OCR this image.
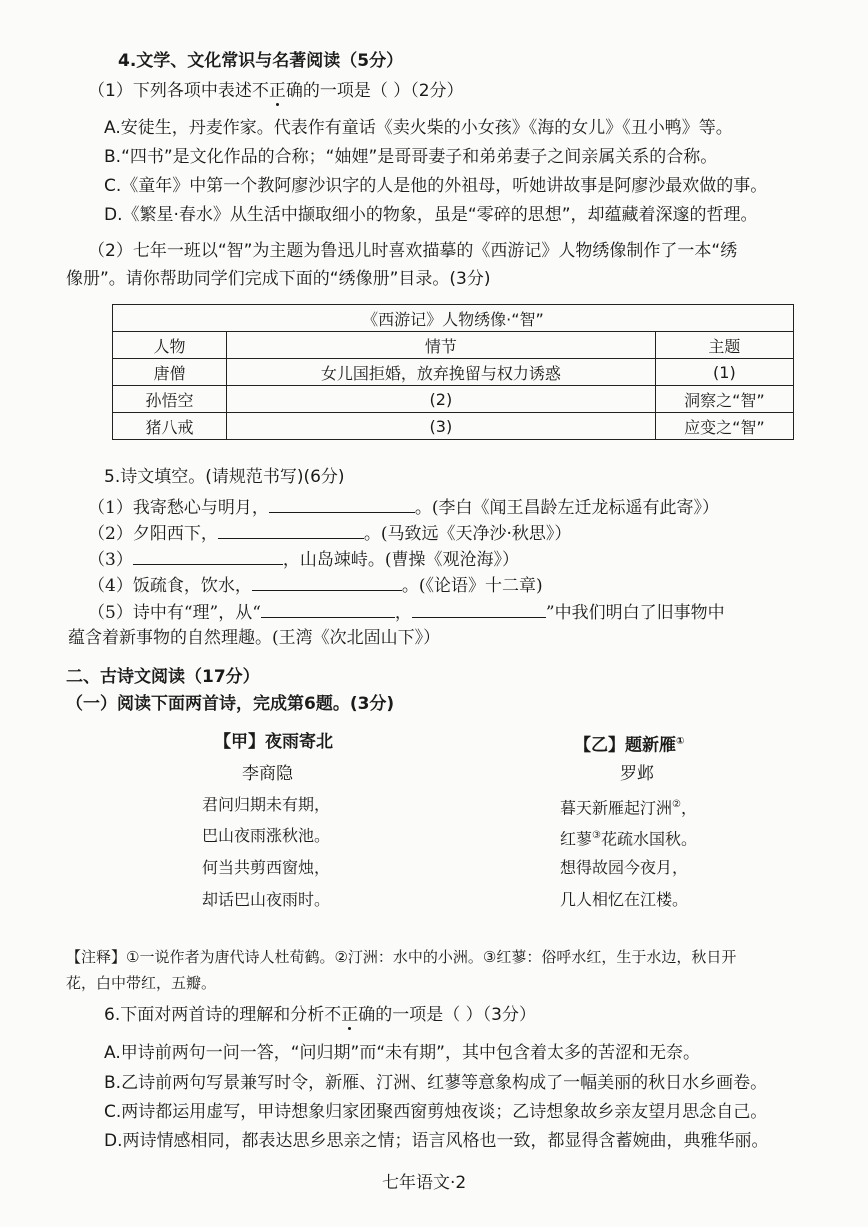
4.文学、文化常识与名著阅读（5分）
（1）下列各项中表述不正确的一项是（ ）（2分）
A.安徒生，丹麦作家。代表作有童话《卖火柴的小女孩》《海的女儿》《丑小鸭》等。
B.“四书”是文化作品的合称；“妯娌”是哥哥妻子和弟弟妻子之间亲属关系的合称。
C.《童年》中第一个教阿廖沙识字的人是他的外祖母，听她讲故事是阿廖沙最欢做的事。
D.《繁星·春水》从生活中撷取细小的物象，虽是“零碎的思想”，却蕴藏着深邃的哲理。
（2）七年一班以“智”为主题为鲁迅儿时喜欢描摹的《西游记》人物绣像制作了一本“绣
像册”。请你帮助同学们完成下面的“绣像册”目录。(3分)
《西游记》人物绣像·“智”		
人物	情节	主题
唐僧	女儿国拒婚，放弃挽留与权力诱惑	(1)
孙悟空	(2)	洞察之“智”
猪八戒	(3)	应变之“智”
5.诗文填空。(请规范书写)(6分)
（1）我寄愁心与明月，	。(李白《闻王昌龄左迁龙标遥有此寄》）
（2）夕阳西下，	。(马致远《天净沙·秋思》）
（3）	，山岛竦峙。(曹操《观沧海》）
（4）饭疏食，饮水，	。(《论语》十二章)
（5）诗中有“理”，从“	，	”中我们明白了旧事物中
蕴含着新事物的自然理趣。(王湾《次北固山下》）
二、古诗文阅读（17分）
（一）阅读下面两首诗，完成第6题。(3分)
【甲】夜雨寄北
李商隐
君问归期未有期，
巴山夜雨涨秋池。
何当共剪西窗烛，
却话巴山夜雨时。
【乙】题新雁①
罗邺
暮天新雁起汀洲②，
红蓼③花疏水国秋。
想得故园今夜月，
几人相忆在江楼。
【注释】①一说作者为唐代诗人杜荀鹤。②汀洲：水中的小洲。③红蓼：俗呼水红，生于水边，秋日开
花，白中带红，五瓣。
6.下面对两首诗的理解和分析不正确的一项是（ ）（3分）
A.甲诗前两句一问一答，“问归期”而“未有期”，其中包含着太多的苦涩和无奈。
B.乙诗前两句写景兼写时令，新雁、汀洲、红蓼等意象构成了一幅美丽的秋日水乡画卷。
C.两诗都运用虚写，甲诗想象归家团聚西窗剪烛夜谈；乙诗想象故乡亲友望月思念自己。
D.两诗情感相同，都表达思乡思亲之情；语言风格也一致，都显得含蓄婉曲，典雅华丽。
七年语文·2
